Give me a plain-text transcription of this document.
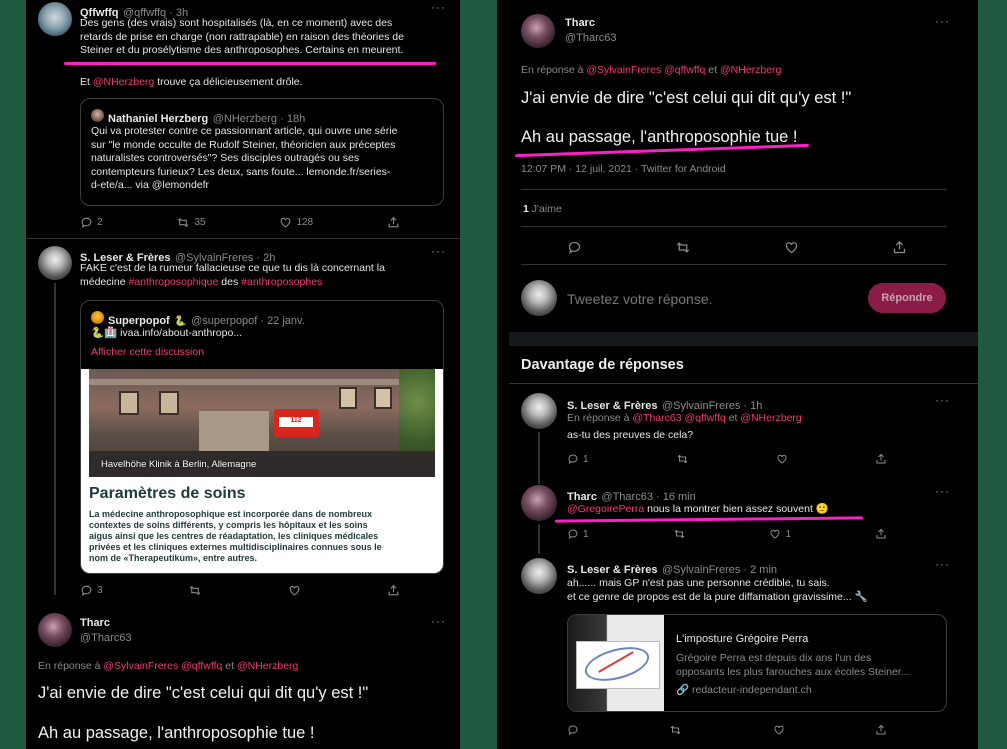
Qffwffq @qffwffq · 3h	···
Des gens (des vrais) sont hospitalisés (là, en ce moment) avec des
retards de prise en charge (non rattrapable) en raison des théories de
Steiner et du prosélytisme des anthroposophes. Certains en meurent.
Et @NHerzberg trouve ça délicieusement drôle.
Nathaniel Herzberg @NHerzberg · 18h
Qui va protester contre ce passionnant article, qui ouvre une série
sur "le monde occulte de Rudolf Steiner, théoricien aux préceptes
naturalistes controversés"? Ses disciples outragés ou ses
contempteurs furieux? Les deux, sans foute... lemonde.fr/series-
d-ete/a... via @lemondefr
2	35	128
S. Leser & Frères @SylvainFreres · 2h	···
FAKE c'est de la rumeur fallacieuse ce que tu dis là concernant la
médecine #anthroposophique des #anthroposophes
Superpopof 🐍 @superpopof · 22 janv.
🐍🏥 ivaa.info/about-anthropo...
Afficher cette discussion
112
Havelhöhe Klinik à Berlin, Allemagne
Paramètres de soins
La médecine anthroposophique est incorporée dans de nombreux
contextes de soins différents, y compris les hôpitaux et les soins
aigus ainsi que les centres de réadaptation, les cliniques médicales
privées et les cliniques externes multidisciplinaires connues sous le
nom de «Therapeutikum», entre autres.
3
Tharc
@Tharc63
···
En réponse à @SylvainFreres @qffwffq et @NHerzberg
J'ai envie de dire "c'est celui qui dit qu'y est !"
Ah au passage, l'anthroposophie tue !
Tharc
@Tharc63
···
En réponse à @SylvainFreres @qffwffq et @NHerzberg
J'ai envie de dire "c'est celui qui dit qu'y est !"
Ah au passage, l'anthroposophie tue !
12:07 PM · 12 juil. 2021 · Twitter for Android
1 J'aime
Tweetez votre réponse.	Répondre
Davantage de réponses
S. Leser & Frères @SylvainFreres · 1h	···
En réponse à @Tharc63 @qffwffq et @NHerzberg
as-tu des preuves de cela?
1
Tharc @Tharc63 · 16 min	···
@GregoirePerra nous la montrer bien assez souvent 🙂
1	1
S. Leser & Frères @SylvainFreres · 2 min	···
ah...... mais GP n'est pas une personne crédible, tu sais.
et ce genre de propos est de la pure diffamation gravissime... 🔧
L'imposture Grégoire Perra
Grégoire Perra est depuis dix ans l'un des
opposants les plus farouches aux écoles Steiner...
🔗 redacteur-independant.ch
